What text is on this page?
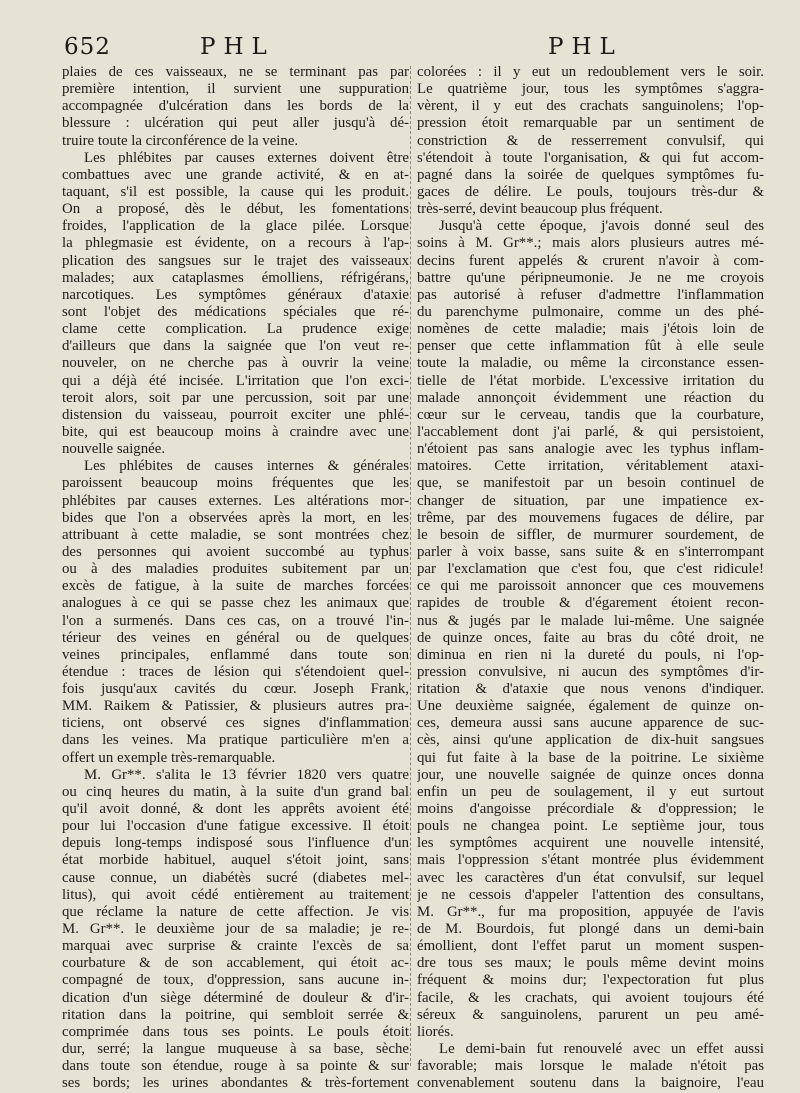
652	PHL	PHL
plaies de ces vaisseaux, ne se terminant pas par
première intention, il survient une suppuration
accompagnée d'ulcération dans les bords de la
blessure : ulcération qui peut aller jusqu'à dé-
truire toute la circonférence de la veine.
Les phlébites par causes externes doivent être
combattues avec une grande activité, & en at-
taquant, s'il est possible, la cause qui les produit.
On a proposé, dès le début, les fomentations
froides, l'application de la glace pilée. Lorsque
la phlegmasie est évidente, on a recours à l'ap-
plication des sangsues sur le trajet des vaisseaux
malades; aux cataplasmes émolliens, réfrigérans,
narcotiques. Les symptômes généraux d'ataxie
sont l'objet des médications spéciales que ré-
clame cette complication. La prudence exige
d'ailleurs que dans la saignée que l'on veut re-
nouveler, on ne cherche pas à ouvrir la veine
qui a déjà été incisée. L'irritation que l'on exci-
teroit alors, soit par une percussion, soit par une
distension du vaisseau, pourroit exciter une phlé-
bite, qui est beaucoup moins à craindre avec une
nouvelle saignée.
Les phlébites de causes internes & générales
paroissent beaucoup moins fréquentes que les
phlébites par causes externes. Les altérations mor-
bides que l'on a observées après la mort, en les
attribuant à cette maladie, se sont montrées chez
des personnes qui avoient succombé au typhus
ou à des maladies produites subitement par un
excès de fatigue, à la suite de marches forcées
analogues à ce qui se passe chez les animaux que
l'on a surmenés. Dans ces cas, on a trouvé l'in-
térieur des veines en général ou de quelques
veines principales, enflammé dans toute son
étendue : traces de lésion qui s'étendoient quel-
fois jusqu'aux cavités du cœur. Joseph Frank,
MM. Raikem & Patissier, & plusieurs autres pra-
ticiens, ont observé ces signes d'inflammation
dans les veines. Ma pratique particulière m'en a
offert un exemple très-remarquable.
M. Gr**. s'alita le 13 février 1820 vers quatre
ou cinq heures du matin, à la suite d'un grand bal
qu'il avoit donné, & dont les apprêts avoient été
pour lui l'occasion d'une fatigue excessive. Il étoit
depuis long-temps indisposé sous l'influence d'un
état morbide habituel, auquel s'étoit joint, sans
cause connue, un diabétès sucré (diabetes mel-
litus), qui avoit cédé entièrement au traitement
que réclame la nature de cette affection. Je vis
M. Gr**. le deuxième jour de sa maladie; je re-
marquai avec surprise & crainte l'excès de sa
courbature & de son accablement, qui étoit ac-
compagné de toux, d'oppression, sans aucune in-
dication d'un siège déterminé de douleur & d'ir-
ritation dans la poitrine, qui sembloit serrée &
comprimée dans tous ses points. Le pouls étoit
dur, serré; la langue muqueuse à sa base, sèche
dans toute son étendue, rouge à sa pointe & sur
ses bords; les urines abondantes & très-fortement
colorées : il y eut un redoublement vers le soir.
Le quatrième jour, tous les symptômes s'aggra-
vèrent, il y eut des crachats sanguinolens; l'op-
pression étoit remarquable par un sentiment de
constriction & de resserrement convulsif, qui
s'étendoit à toute l'organisation, & qui fut accom-
pagné dans la soirée de quelques symptômes fu-
gaces de délire. Le pouls, toujours très-dur &
très-serré, devint beaucoup plus fréquent.
Jusqu'à cette époque, j'avois donné seul des
soins à M. Gr**.; mais alors plusieurs autres mé-
decins furent appelés & crurent n'avoir à com-
battre qu'une péripneumonie. Je ne me croyois
pas autorisé à refuser d'admettre l'inflammation
du parenchyme pulmonaire, comme un des phé-
nomènes de cette maladie; mais j'étois loin de
penser que cette inflammation fût à elle seule
toute la maladie, ou même la circonstance essen-
tielle de l'état morbide. L'excessive irritation du
malade annonçoit évidemment une réaction du
cœur sur le cerveau, tandis que la courbature,
l'accablement dont j'ai parlé, & qui persistoient,
n'étoient pas sans analogie avec les typhus inflam-
matoires. Cette irritation, véritablement ataxi-
que, se manifestoit par un besoin continuel de
changer de situation, par une impatience ex-
trême, par des mouvemens fugaces de délire, par
le besoin de siffler, de murmurer sourdement, de
parler à voix basse, sans suite & en s'interrompant
par l'exclamation que c'est fou, que c'est ridicule!
ce qui me paroissoit annoncer que ces mouvemens
rapides de trouble & d'égarement étoient recon-
nus & jugés par le malade lui-même. Une saignée
de quinze onces, faite au bras du côté droit, ne
diminua en rien ni la dureté du pouls, ni l'op-
pression convulsive, ni aucun des symptômes d'ir-
ritation & d'ataxie que nous venons d'indiquer.
Une deuxième saignée, également de quinze on-
ces, demeura aussi sans aucune apparence de suc-
cès, ainsi qu'une application de dix-huit sangsues
qui fut faite à la base de la poitrine. Le sixième
jour, une nouvelle saignée de quinze onces donna
enfin un peu de soulagement, il y eut surtout
moins d'angoisse précordiale & d'oppression; le
pouls ne changea point. Le septième jour, tous
les symptômes acquirent une nouvelle intensité,
mais l'oppression s'étant montrée plus évidemment
avec les caractères d'un état convulsif, sur lequel
je ne cessois d'appeler l'attention des consultans,
M. Gr**., fur ma proposition, appuyée de l'avis
de M. Bourdois, fut plongé dans un demi-bain
émollient, dont l'effet parut un moment suspen-
dre tous ses maux; le pouls même devint moins
fréquent & moins dur; l'expectoration fut plus
facile, & les crachats, qui avoient toujours été
séreux & sanguinolens, parurent un peu amé-
liorés.
Le demi-bain fut renouvelé avec un effet aussi
favorable; mais lorsque le malade n'étoit pas
convenablement soutenu dans la baignoire, l'eau
